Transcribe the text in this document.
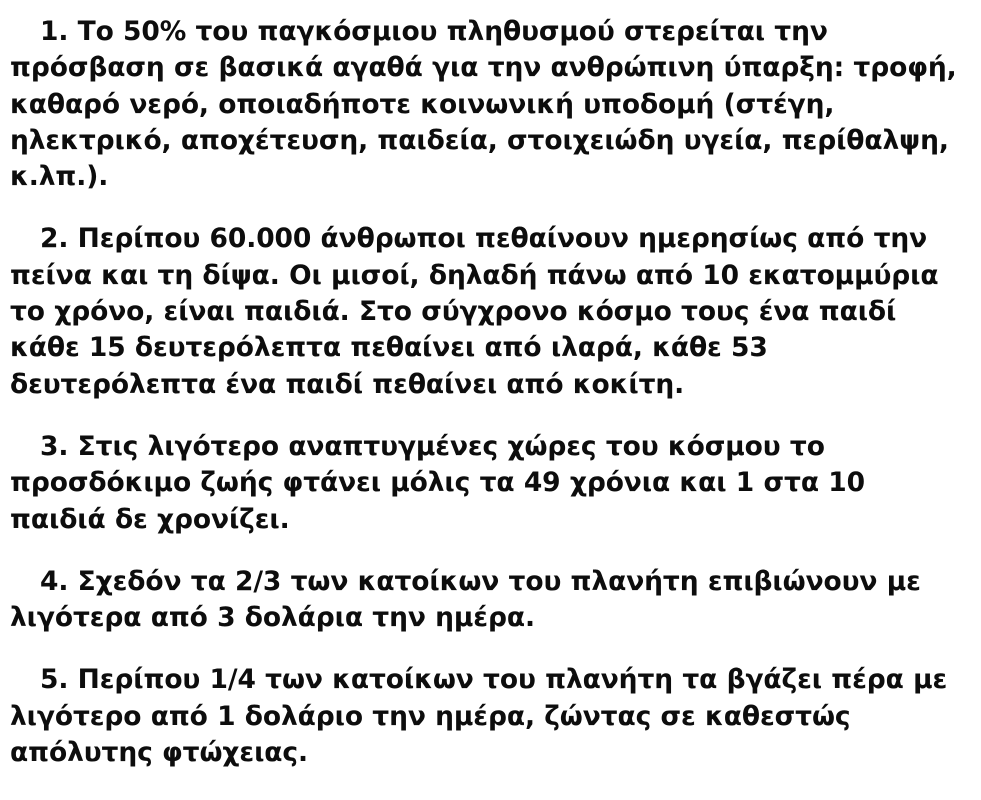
1. Το 50% του παγκόσμιου πληθυσμού στερείται την πρόσβαση σε βασικά αγαθά για την ανθρώπινη ύπαρξη: τροφή, καθαρό νερό, οποιαδήποτε κοινωνική υποδομή (στέγη, ηλεκτρικό, αποχέτευση, παιδεία, στοιχειώδη υγεία, περίθαλψη, κ.λπ.).

2. Περίπου 60.000 άνθρωποι πεθαίνουν ημερησίως από την πείνα και τη δίψα. Οι μισοί, δηλαδή πάνω από 10 εκατομμύρια το χρόνο, είναι παιδιά. Στο σύγχρονο κόσμο τους ένα παιδί κάθε 15 δευτερόλεπτα πεθαίνει από ιλαρά, κάθε 53 δευτερόλεπτα ένα παιδί πεθαίνει από κοκίτη.

3. Στις λιγότερο αναπτυγμένες χώρες του κόσμου το προσδόκιμο ζωής φτάνει μόλις τα 49 χρόνια και 1 στα 10 παιδιά δε χρονίζει.

4. Σχεδόν τα 2/3 των κατοίκων του πλανήτη επιβιώνουν με λιγότερα από 3 δολάρια την ημέρα.

5. Περίπου 1/4 των κατοίκων του πλανήτη τα βγάζει πέρα με λιγότερο από 1 δολάριο την ημέρα, ζώντας σε καθεστώς απόλυτης φτώχειας.
